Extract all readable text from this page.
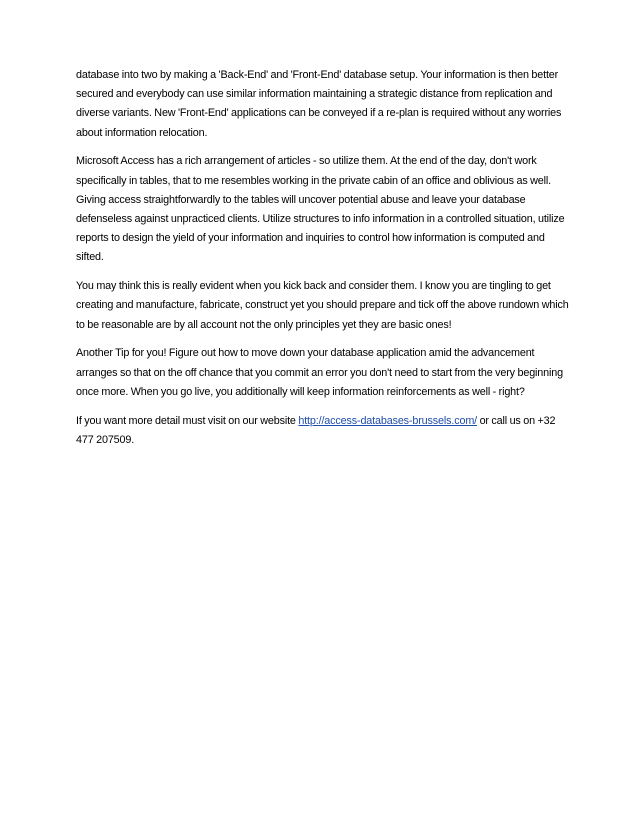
database into two by making a 'Back-End' and 'Front-End' database setup. Your information is then better secured and everybody can use similar information maintaining a strategic distance from replication and diverse variants. New 'Front-End' applications can be conveyed if a re-plan is required without any worries about information relocation.

Microsoft Access has a rich arrangement of articles - so utilize them. At the end of the day, don't work specifically in tables, that to me resembles working in the private cabin of an office and oblivious as well. Giving access straightforwardly to the tables will uncover potential abuse and leave your database defenseless against unpracticed clients. Utilize structures to info information in a controlled situation, utilize reports to design the yield of your information and inquiries to control how information is computed and sifted.

You may think this is really evident when you kick back and consider them. I know you are tingling to get creating and manufacture, fabricate, construct yet you should prepare and tick off the above rundown which to be reasonable are by all account not the only principles yet they are basic ones!

Another Tip for you! Figure out how to move down your database application amid the advancement arranges so that on the off chance that you commit an error you don't need to start from the very beginning once more. When you go live, you additionally will keep information reinforcements as well - right?

If you want more detail must visit on our website http://access-databases-brussels.com/ or call us on +32 477 207509.
